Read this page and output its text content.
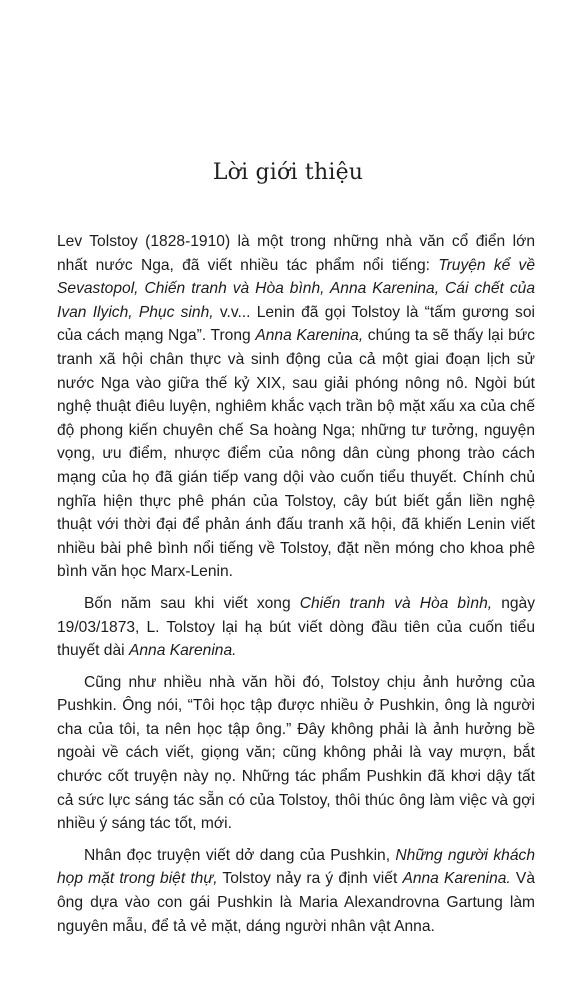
Lời giới thiệu

Lev Tolstoy (1828-1910) là một trong những nhà văn cổ điển lớn nhất nước Nga, đã viết nhiều tác phẩm nổi tiếng: Truyện kể về Sevastopol, Chiến tranh và Hòa bình, Anna Karenina, Cái chết của Ivan Ilyich, Phục sinh, v.v... Lenin đã gọi Tolstoy là “tấm gương soi của cách mạng Nga”. Trong Anna Karenina, chúng ta sẽ thấy lại bức tranh xã hội chân thực và sinh động của cả một giai đoạn lịch sử nước Nga vào giữa thế kỷ XIX, sau giải phóng nông nô. Ngòi bút nghệ thuật điêu luyện, nghiêm khắc vạch trần bộ mặt xấu xa của chế độ phong kiến chuyên chế Sa hoàng Nga; những tư tưởng, nguyện vọng, ưu điểm, nhược điểm của nông dân cùng phong trào cách mạng của họ đã gián tiếp vang dội vào cuốn tiểu thuyết. Chính chủ nghĩa hiện thực phê phán của Tolstoy, cây bút biết gắn liền nghệ thuật với thời đại để phản ánh đấu tranh xã hội, đã khiến Lenin viết nhiều bài phê bình nổi tiếng về Tolstoy, đặt nền móng cho khoa phê bình văn học Marx-Lenin.

Bốn năm sau khi viết xong Chiến tranh và Hòa bình, ngày 19/03/1873, L. Tolstoy lại hạ bút viết dòng đầu tiên của cuốn tiểu thuyết dài Anna Karenina.

Cũng như nhiều nhà văn hồi đó, Tolstoy chịu ảnh hưởng của Pushkin. Ông nói, “Tôi học tập được nhiều ở Pushkin, ông là người cha của tôi, ta nên học tập ông.” Đây không phải là ảnh hưởng bề ngoài về cách viết, giọng văn; cũng không phải là vay mượn, bắt chước cốt truyện này nọ. Những tác phẩm Pushkin đã khơi dậy tất cả sức lực sáng tác sẵn có của Tolstoy, thôi thúc ông làm việc và gợi nhiều ý sáng tác tốt, mới.

Nhân đọc truyện viết dở dang của Pushkin, Những người khách họp mặt trong biệt thự, Tolstoy nảy ra ý định viết Anna Karenina. Và ông dựa vào con gái Pushkin là Maria Alexandrovna Gartung làm nguyên mẫu, để tả vẻ mặt, dáng người nhân vật Anna.
